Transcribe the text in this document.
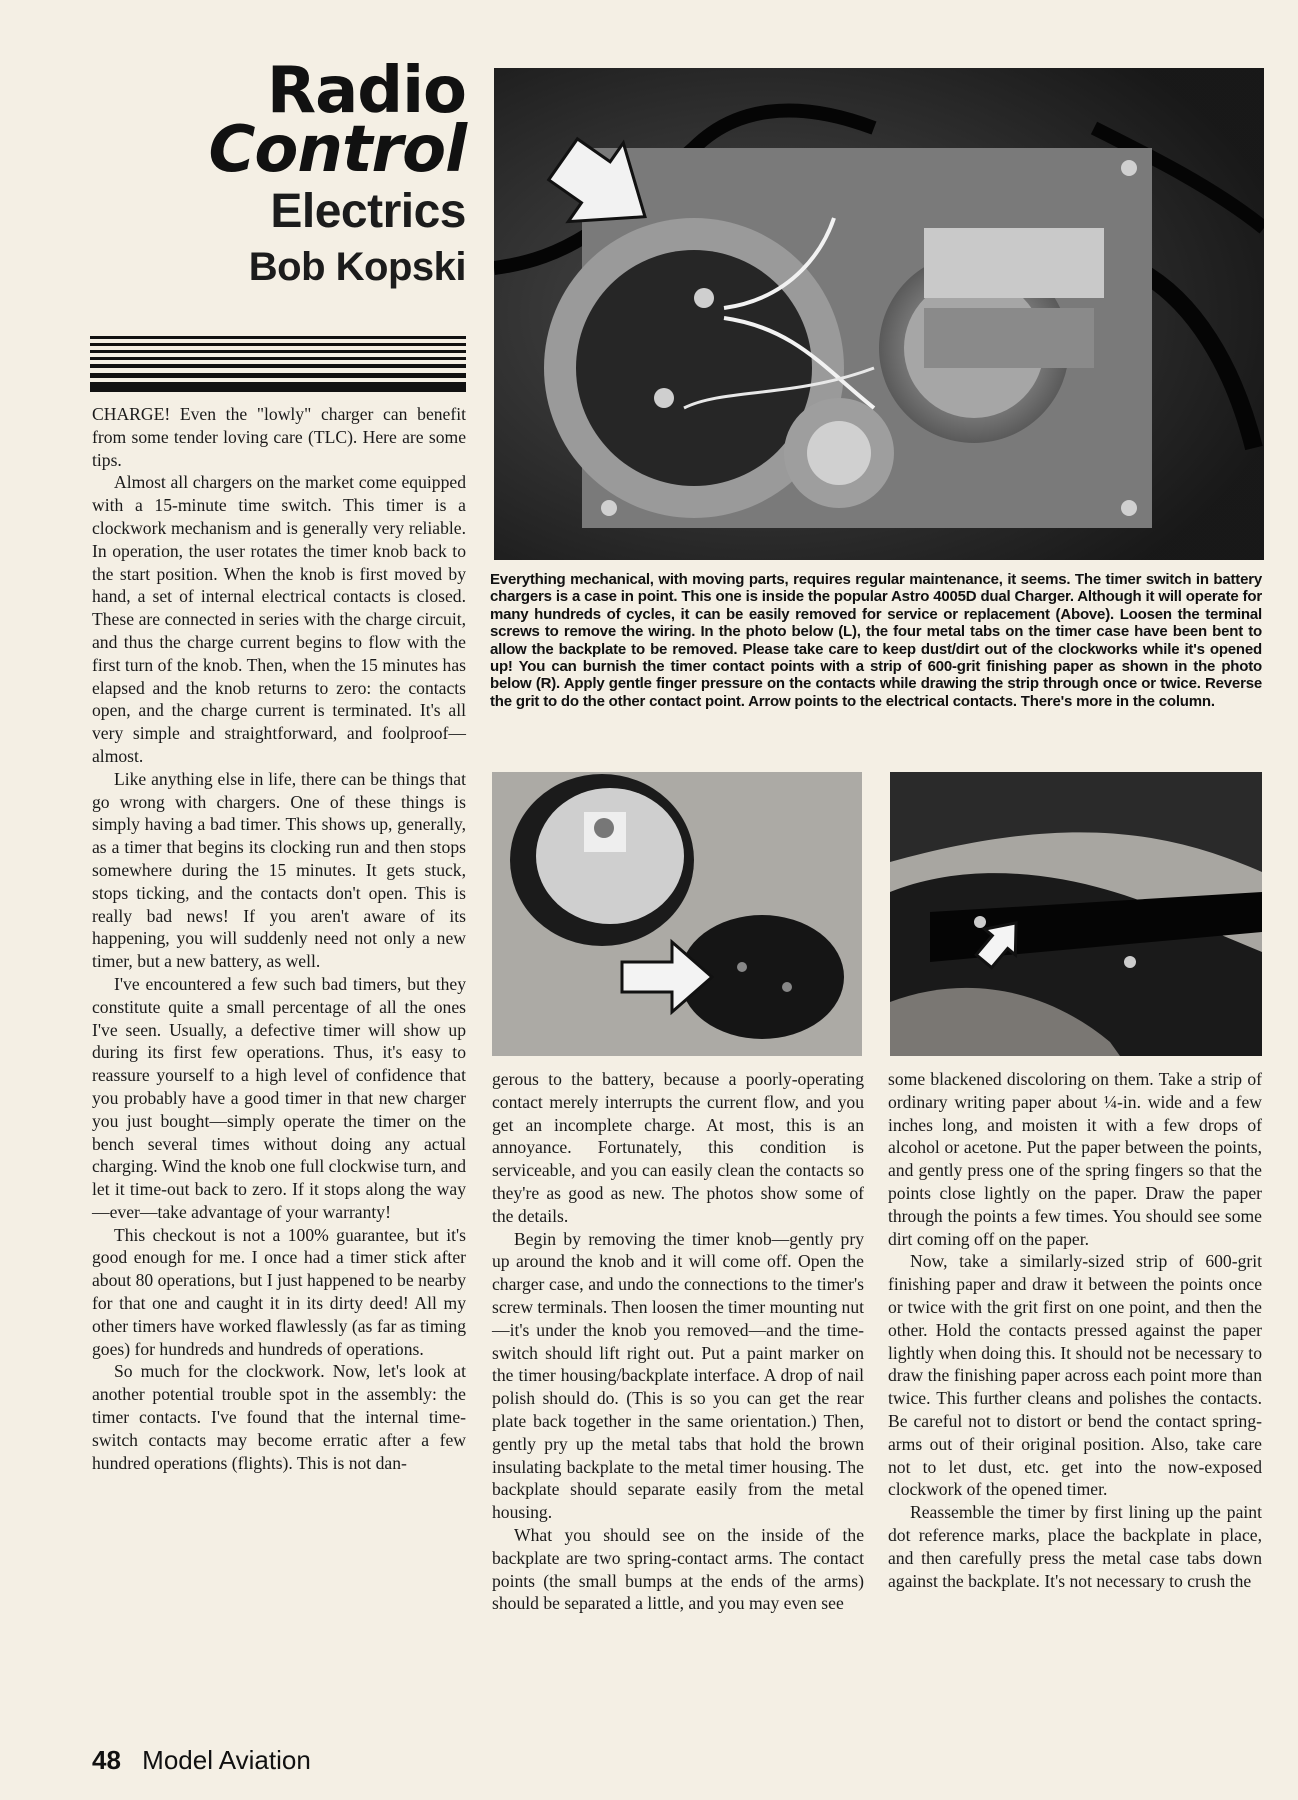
Radio
Control
Electrics
Bob Kopski
Everything mechanical, with moving parts, requires regular maintenance, it seems. The timer switch in battery chargers is a case in point. This one is inside the popular Astro 4005D dual Charger. Although it will operate for many hundreds of cycles, it can be easily removed for service or replacement (Above). Loosen the terminal screws to remove the wiring. In the photo below (L), the four metal tabs on the timer case have been bent to allow the backplate to be removed. Please take care to keep dust/dirt out of the clockworks while it's opened up! You can burnish the timer contact points with a strip of 600-grit finishing paper as shown in the photo below (R). Apply gentle finger pressure on the contacts while drawing the strip through once or twice. Reverse the grit to do the other contact point. Arrow points to the electrical contacts. There's more in the column.

CHARGE! Even the "lowly" charger can benefit from some tender loving care (TLC). Here are some tips.

Almost all chargers on the market come equipped with a 15-minute time switch. This timer is a clockwork mechanism and is generally very reliable. In operation, the user rotates the timer knob back to the start position. When the knob is first moved by hand, a set of internal electrical contacts is closed. These are connected in series with the charge circuit, and thus the charge current begins to flow with the first turn of the knob. Then, when the 15 minutes has elapsed and the knob returns to zero: the contacts open, and the charge current is terminated. It's all very simple and straightforward, and foolproof—almost.

Like anything else in life, there can be things that go wrong with chargers. One of these things is simply having a bad timer. This shows up, generally, as a timer that begins its clocking run and then stops somewhere during the 15 minutes. It gets stuck, stops ticking, and the contacts don't open. This is really bad news! If you aren't aware of its happening, you will suddenly need not only a new timer, but a new battery, as well.

I've encountered a few such bad timers, but they constitute quite a small percentage of all the ones I've seen. Usually, a defective timer will show up during its first few operations. Thus, it's easy to reassure yourself to a high level of confidence that you probably have a good timer in that new charger you just bought—simply operate the timer on the bench several times without doing any actual charging. Wind the knob one full clockwise turn, and let it time-out back to zero. If it stops along the way—ever—take advantage of your warranty!

This checkout is not a 100% guarantee, but it's good enough for me. I once had a timer stick after about 80 operations, but I just happened to be nearby for that one and caught it in its dirty deed! All my other timers have worked flawlessly (as far as timing goes) for hundreds and hundreds of operations.

So much for the clockwork. Now, let's look at another potential trouble spot in the assembly: the timer contacts. I've found that the internal time-switch contacts may become erratic after a few hundred operations (flights). This is not dan-

gerous to the battery, because a poorly-operating contact merely interrupts the current flow, and you get an incomplete charge. At most, this is an annoyance. Fortunately, this condition is serviceable, and you can easily clean the contacts so they're as good as new. The photos show some of the details.

Begin by removing the timer knob—gently pry up around the knob and it will come off. Open the charger case, and undo the connections to the timer's screw terminals. Then loosen the timer mounting nut—it's under the knob you removed—and the time-switch should lift right out. Put a paint marker on the timer housing/backplate interface. A drop of nail polish should do. (This is so you can get the rear plate back together in the same orientation.) Then, gently pry up the metal tabs that hold the brown insulating backplate to the metal timer housing. The backplate should separate easily from the metal housing.

What you should see on the inside of the backplate are two spring-contact arms. The contact points (the small bumps at the ends of the arms) should be separated a little, and you may even see

some blackened discoloring on them. Take a strip of ordinary writing paper about ¼-in. wide and a few inches long, and moisten it with a few drops of alcohol or acetone. Put the paper between the points, and gently press one of the spring fingers so that the points close lightly on the paper. Draw the paper through the points a few times. You should see some dirt coming off on the paper.

Now, take a similarly-sized strip of 600-grit finishing paper and draw it between the points once or twice with the grit first on one point, and then the other. Hold the contacts pressed against the paper lightly when doing this. It should not be necessary to draw the finishing paper across each point more than twice. This further cleans and polishes the contacts. Be careful not to distort or bend the contact spring-arms out of their original position. Also, take care not to let dust, etc. get into the now-exposed clockwork of the opened timer.

Reassemble the timer by first lining up the paint dot reference marks, place the backplate in place, and then carefully press the metal case tabs down against the backplate. It's not necessary to crush the

48 Model Aviation
